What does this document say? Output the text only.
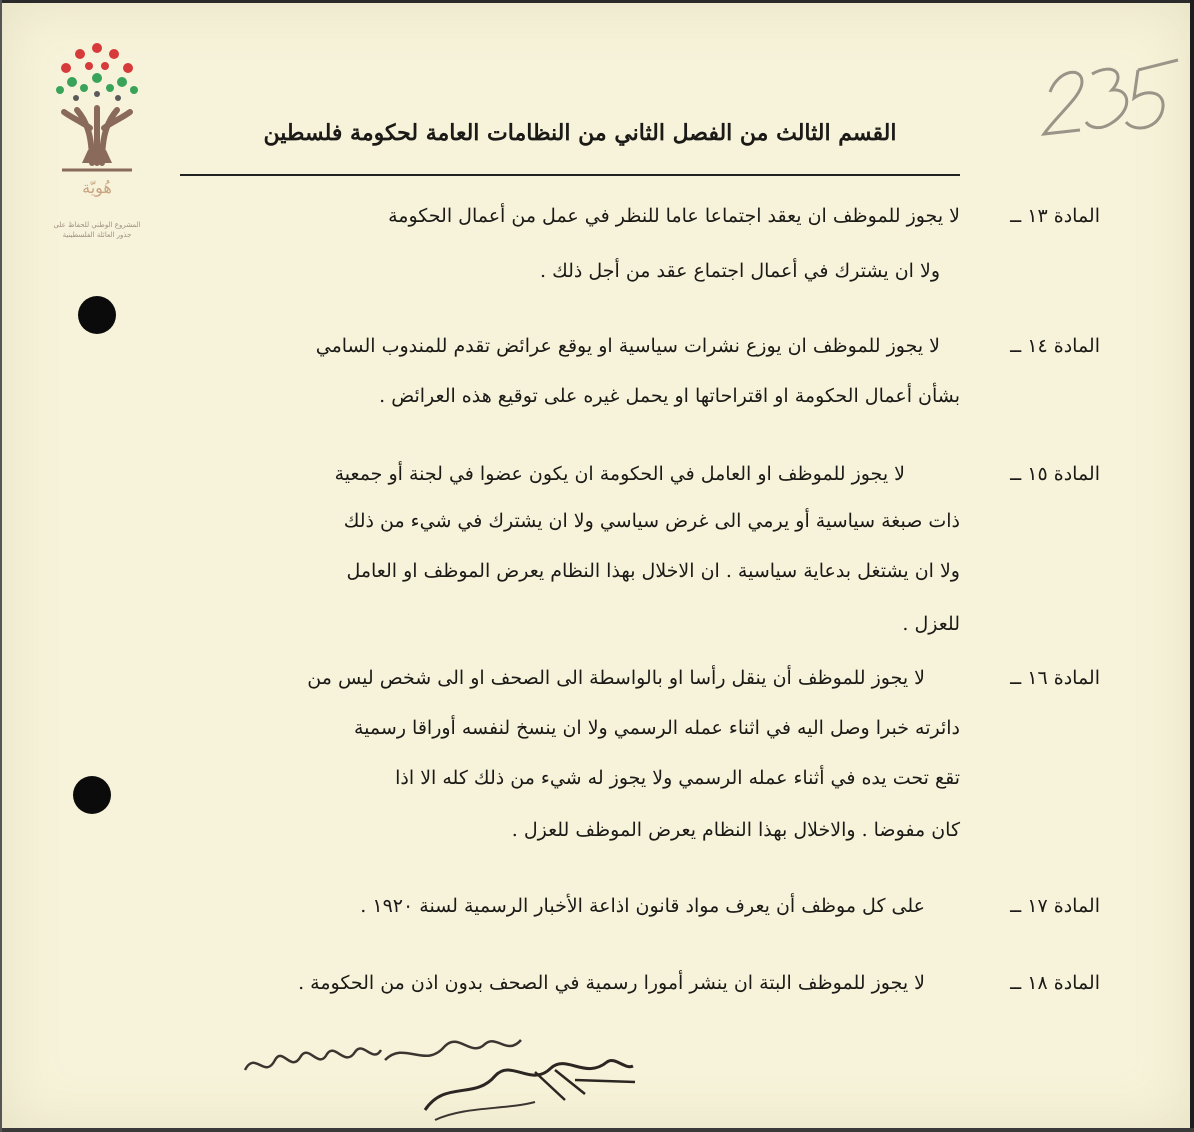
هُويّة
المشروع الوطني للحفاظ على
جذور العائلة الفلسطينية
القسم الثالث من الفصل الثاني من النظامات العامة لحكومة فلسطين
المادة ١٣ ــ
لا يجوز للموظف ان يعقد اجتماعا عاما للنظر في عمل من أعمال الحكومة
ولا ان يشترك في أعمال اجتماع عقد من أجل ذلك .
المادة ١٤ ــ
لا يجوز للموظف ان يوزع نشرات سياسية او يوقع عرائض تقدم للمندوب السامي
بشأن أعمال الحكومة او اقتراحاتها او يحمل غيره على توقيع هذه العرائض .
المادة ١٥ ــ
لا يجوز للموظف او العامل في الحكومة ان يكون عضوا في لجنة أو جمعية
ذات صبغة سياسية أو يرمي الى غرض سياسي ولا ان يشترك في شيء من ذلك
ولا ان يشتغل بدعاية سياسية . ان الاخلال بهذا النظام يعرض الموظف او العامل
للعزل .
المادة ١٦ ــ
لا يجوز للموظف أن ينقل رأسا او بالواسطة الى الصحف او الى شخص ليس من
دائرته خبرا وصل اليه في اثناء عمله الرسمي ولا ان ينسخ لنفسه أوراقا رسمية
تقع تحت يده في أثناء عمله الرسمي ولا يجوز له شيء من ذلك كله الا اذا
كان مفوضا . والاخلال بهذا النظام يعرض الموظف للعزل .
المادة ١٧ ــ
على كل موظف أن يعرف مواد قانون اذاعة الأخبار الرسمية لسنة ١٩٢٠ .
المادة ١٨ ــ
لا يجوز للموظف البتة ان ينشر أمورا رسمية في الصحف بدون اذن من الحكومة .
